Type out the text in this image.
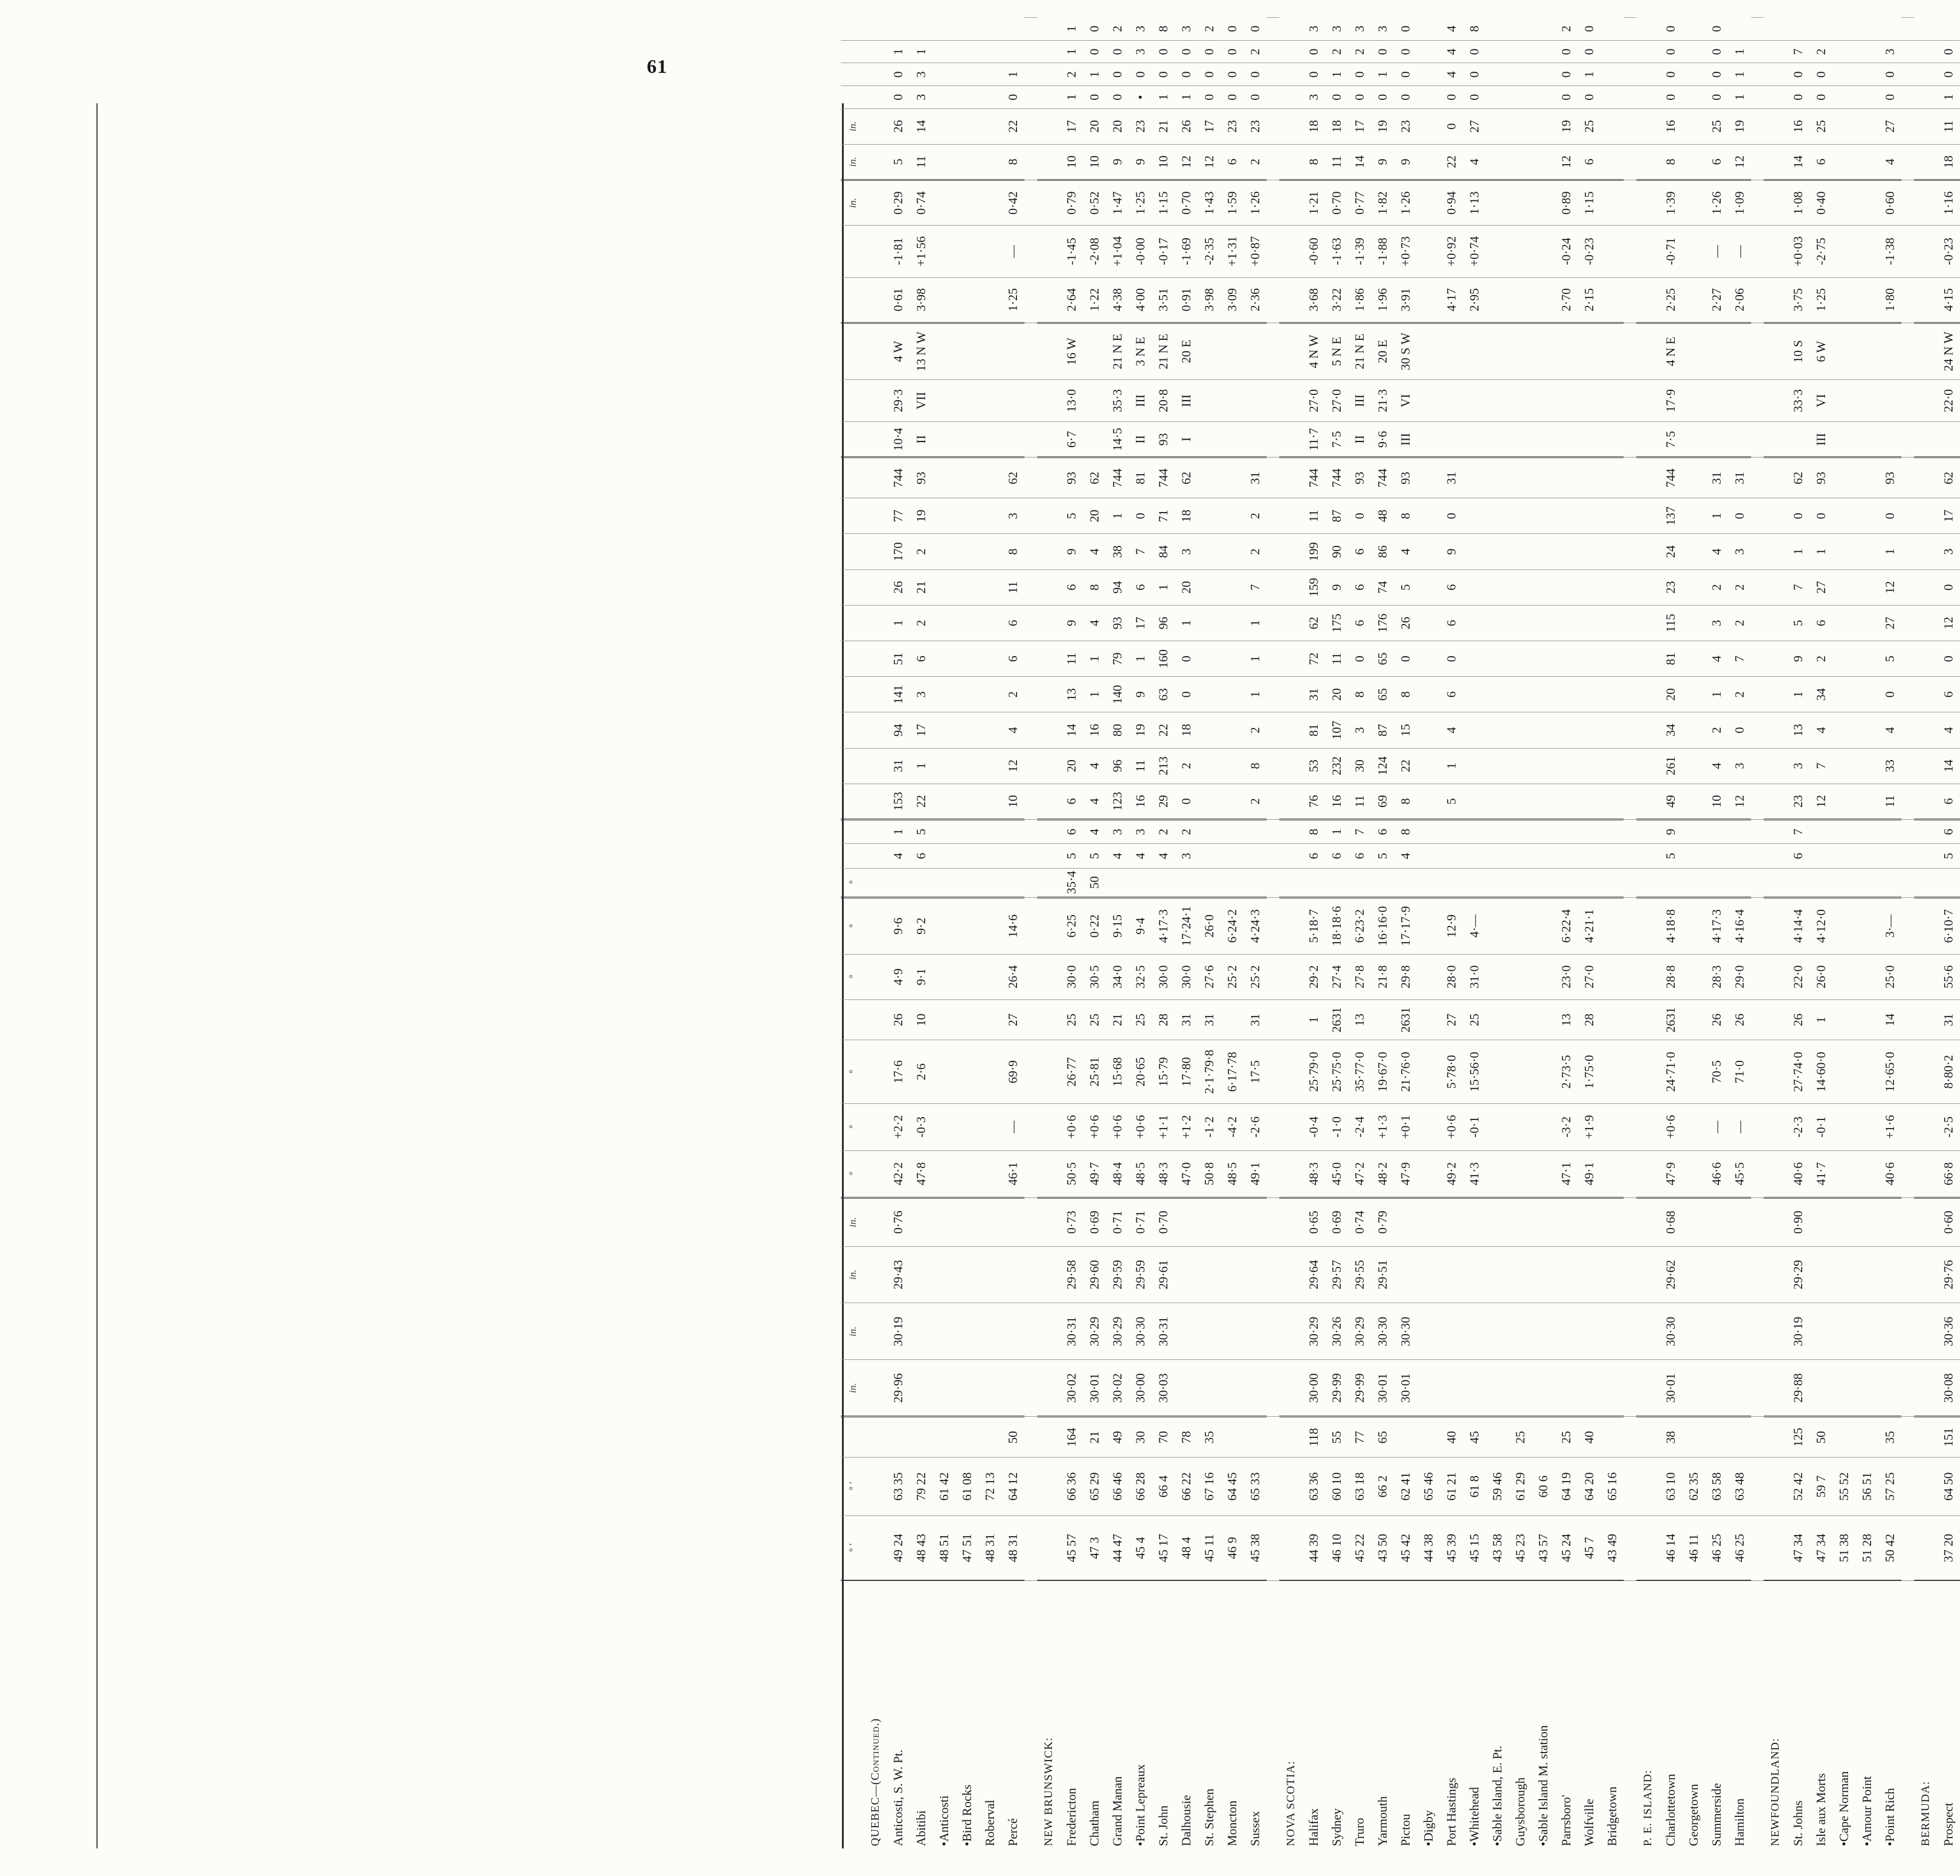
61
	° ′	° ′		in.	in.	in.	in.	°	°	°		°	°	°																		in.	in.	in.				
QUEBEC—(Continued.)																																						
Anticosti, S. W. Pt.	49 24	63 35		29·96	30·19	29·43	0·76	42·2	+2·2	17·6	26	4·9	9·6		4	1	153	31	94	141	51	1	26	170	77	744	10·4	29·3	4 W	0·61	-1·81	0·29	5	26	0	0	1	
Abitibi	48 43	79 22						47·8	-0·3	2·6	10	9·1	9·2		6	5	22	1	17	3	6	2	21	2	19	93	II	VII	13 N W	3·98	+1·56	0·74	11	14	3	3	1	
•Anticosti	48 51	61 42																																				
•Bird Rocks	47 51	61 08																																				
Roberval	48 31	72 13																																				
Percé	48 31	64 12	50					46·1	—	69·9	27	26·4	14·6				10	12	4	2	6	6	11	8	3	62				1·25	—	0·42	8	22	0	1		

NEW BRUNSWICK:																																						
Fredericton	45 57	66 36	164	30·02	30·31	29·58	0·73	50·5	+0·6	26·77	25	30·0	6·25	35·4	5	6	6	20	14	13	11	9	6	9	5	93	6·7	13·0	16 W	2·64	-1·45	0·79	10	17	1	2	1	1
Chatham	47 3	65 29	21	30·01	30·29	29·60	0·69	49·7	+0·6	25·81	25	30·5	0·22	50	5	4	4	4	16	1	1	4	8	4	20	62				1·22	-2·08	0·52	10	20	0	1	0	0
Grand Manan	44 47	66 46	49	30·02	30·29	29·59	0·71	48·4	+0·6	15·68	21	34·0	9·15		4	3	123	96	80	140	79	93	94	38	1	744	14·5	35·3	21 N E	4·38	+1·04	1·47	9	20	0	0	0	2
•Point Lepreaux	45 4	66 28	30	30·00	30·30	29·59	0·71	48·5	+0·6	20·65	25	32·5	9·4		4	3	16	11	19	9	1	17	6	7	0	81	II	III	3 N E	4·00	-0·00	1·25	9	23	•	0	3	3
St. John	45 17	66 4	70	30·03	30·31	29·61	0·70	48·3	+1·1	15·79	28	30·0	4·17·3		4	2	29	213	22	63	160	96	1	84	71	744	93	20·8	21 N E	3·51	-0·17	1·15	10	21	1	0	0	8
Dalhousie	48 4	66 22	78					47·0	+1·2	17·80	31	30·0	17·24·1		3	2	0	2	18	0	0	1	20	3	18	62	I	III	20 E	0·91	-1·69	0·70	12	26	1	0	0	3
St. Stephen	45 11	67 16	35					50·8	-1·2	2·1·79·8	31	27·6	26·0																	3·98	-2·35	1·43	12	17	0	0	0	2
Moncton	46 9	64 45						48·5	-4·2	6·17·78		25·2	6·24·2																	3·09	+1·31	1·59	6	23	0	0	0	0
Sussex	45 38	65 33						49·1	-2·6	17·5	31	25·2	4·24·3				2	8	2	1	1	1	7	2	2	31				2·36	+0·87	1·26	2	23	0	0	2	0

NOVA SCOTIA:																																						
Halifax	44 39	63 36	118	30·00	30·29	29·64	0·65	48·3	-0·4	25·79·0	1	29·2	5·18·7		6	8	76	53	81	31	72	62	159	199	11	744	11·7	27·0	4 N W	3·68	-0·60	1·21	8	18	3	0	0	3
Sydney	46 10	60 10	55	29·99	30·26	29·57	0·69	45·0	-1·0	25·75·0	2631	27·4	18·18·6		6	1	16	232	107	20	11	175	9	90	87	744	7·5	27·0	5 N E	3·22	-1·63	0·70	11	18	0	1	2	3
Truro	45 22	63 18	77	29·99	30·29	29·55	0·74	47·2	-2·4	35·77·0	13	27·8	6·23·2		6	7	11	30	3	8	0	6	6	6	0	93	II	III	21 N E	1·86	-1·39	0·77	14	17	0	0	2	3
Yarmouth	43 50	66 2	65	30·01	30·30	29·51	0·79	48·2	+1·3	19·67·0		21·8	16·16·0		5	6	69	124	87	65	65	176	74	86	48	744	9·6	21·3	20 E	1·96	-1·88	1·82	9	19	0	1	0	3
Pictou	45 42	62 41		30·01	30·30			47·9	+0·1	21·76·0	2631	29·8	17·17·9		4	8	8	22	15	8	0	26	5	4	8	93	III	VI	30 S W	3·91	+0·73	1·26	9	23	0	0	0	0
•Digby	44 38	65 46																																				
Port Hastings	45 39	61 21	40					49·2	+0·6	5·78·0	27	28·0	12·9				5	1	4	6	0	6	6	9	0	31				4·17	+0·92	0·94	22	0	0	4	4	4
•Whitehead	45 15	61 8	45					41·3	-0·1	15·56·0	25	31·0	4·—																	2·95	+0·74	1·13	4	27	0	0	0	8
•Sable Island, E. Pt.	43 58	59 46																																				
Guysborough	45 23	61 29	25																																			
•Sable Island M. station	43 57	60 6																																				
Parrsboro'	45 24	64 19	25					47·1	-3·2	2·73·5	13	23·0	6·22·4																	2·70	-0·24	0·89	12	19	0	0	0	2
Wolfville	45 7	64 20	40					49·1	+1·9	1·75·0	28	27·0	4·21·1																	2·15	-0·23	1·15	6	25	0	1	0	0
Bridgetown	43 49	65 16																																				

P. E. ISLAND:																																						
Charlottetown	46 14	63 10	38	30·01	30·30	29·62	0·68	47·9	+0·6	24·71·0	2631	28·8	4·18·8		5	9	49	261	34	20	81	115	23	24	137	744	7·5	17·9	4 N E	2·25	-0·71	1·39	8	16	0	0	0	0
Georgetown	46 11	62 35																																				
Summerside	46 25	63 58						46·6	—	70·5	26	28·3	4·17·3				10	4	2	1	4	3	2	4	1	31				2·27	—	1·26	6	25	0	0	0	0
Hamilton	46 25	63 48						45·5	—	71·0	26	29·0	4·16·4				12	3	0	2	7	2	2	3	0	31				2·06	—	1·09	12	19	1	1	1	

NEWFOUNDLAND:																																						
St. Johns	47 34	52 42	125	29·88	30·19	29·29	0·90	40·6	-2·3	27·74·0	26	22·0	4·14·4		6	7	23	3	13	1	9	5	7	1	0	62		33·3	10 S	3·75	+0·03	1·08	14	16	0	0	7	
Isle aux Morts	47 34	59 7	50					41·7	-0·1	14·60·0	1	26·0	4·12·0				12	7	4	34	2	6	27	1	0	93	III	VI	6 W	1·25	-2·75	0·40	6	25	0	0	2	
•Cape Norman	51 38	55 52																																				
•Amour Point	51 28	56 51																																				
•Point Rich	50 42	57 25	35					40·6	+1·6	12·65·0	14	25·0	3·—				11	33	4	0	5	27	12	1	0	93				1·80	-1·38	0·60	4	27	0	0	3	

BERMUDA:																																						
Prospect	37 20	64 50	151	30·08	30·36	29·76	0·60	66·8	-2·5	8·80·2	31	55·6	6·10·7		5	6	6	14	4	6	0	12	0	3	17	62		22·0	24 N W	4·15	-0·23	1·16	18	11	1	0	0	
